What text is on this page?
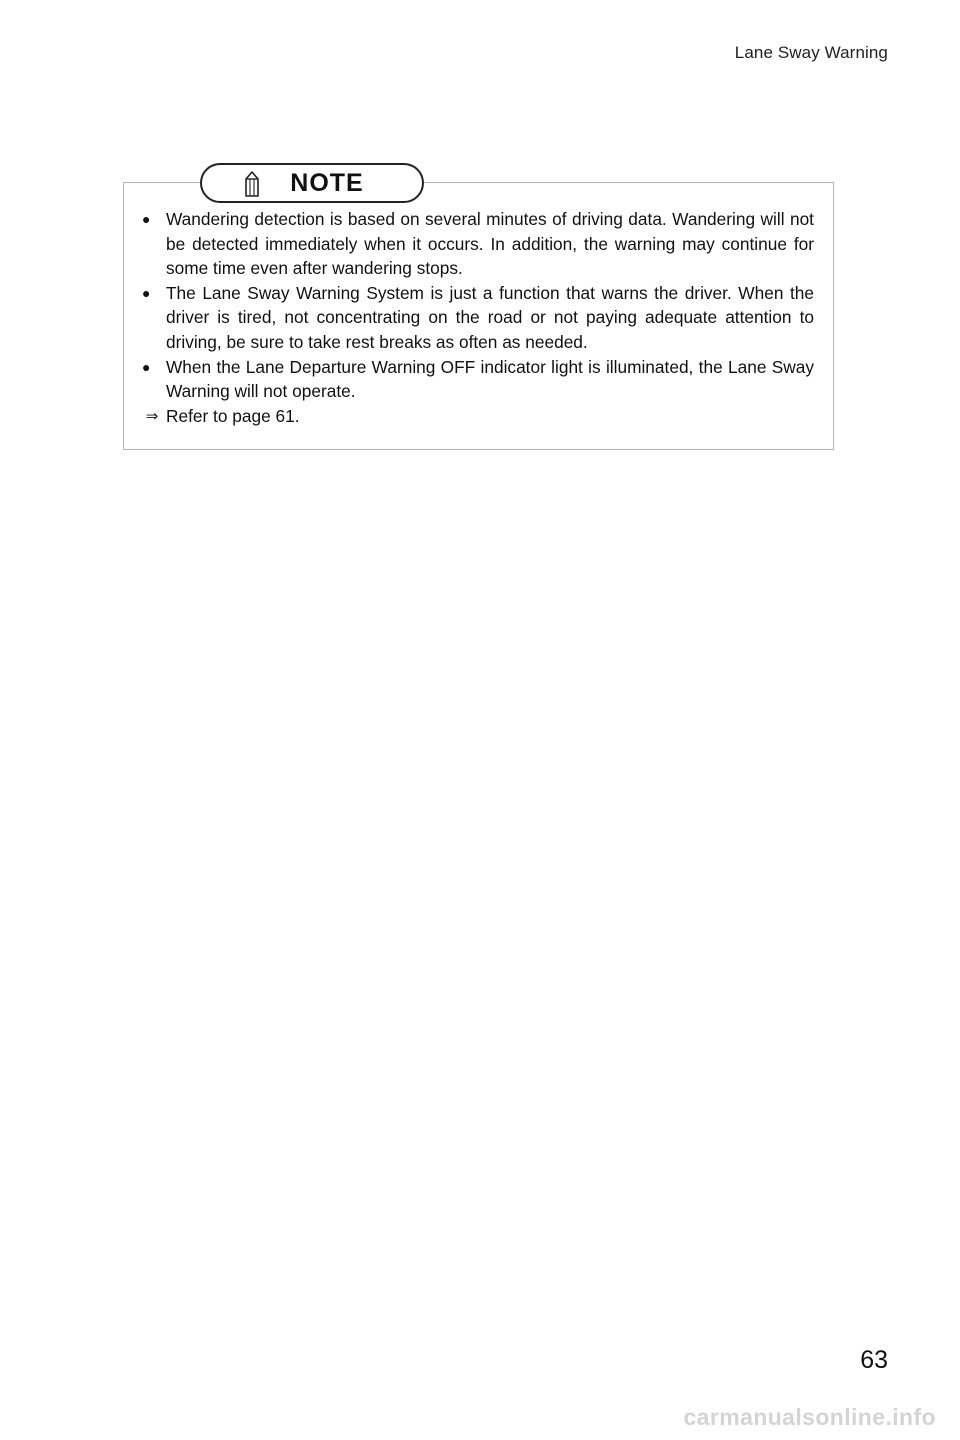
Lane Sway Warning
NOTE
● Wandering detection is based on several minutes of driving data. Wandering will not be detected immediately when it occurs. In addition, the warning may continue for some time even after wandering stops.
● The Lane Sway Warning System is just a function that warns the driver. When the driver is tired, not concentrating on the road or not paying adequate attention to driving, be sure to take rest breaks as often as needed.
● When the Lane Departure Warning OFF indicator light is illuminated, the Lane Sway Warning will not operate.
⇒ Refer to page 61.
63
carmanualsonline.info
